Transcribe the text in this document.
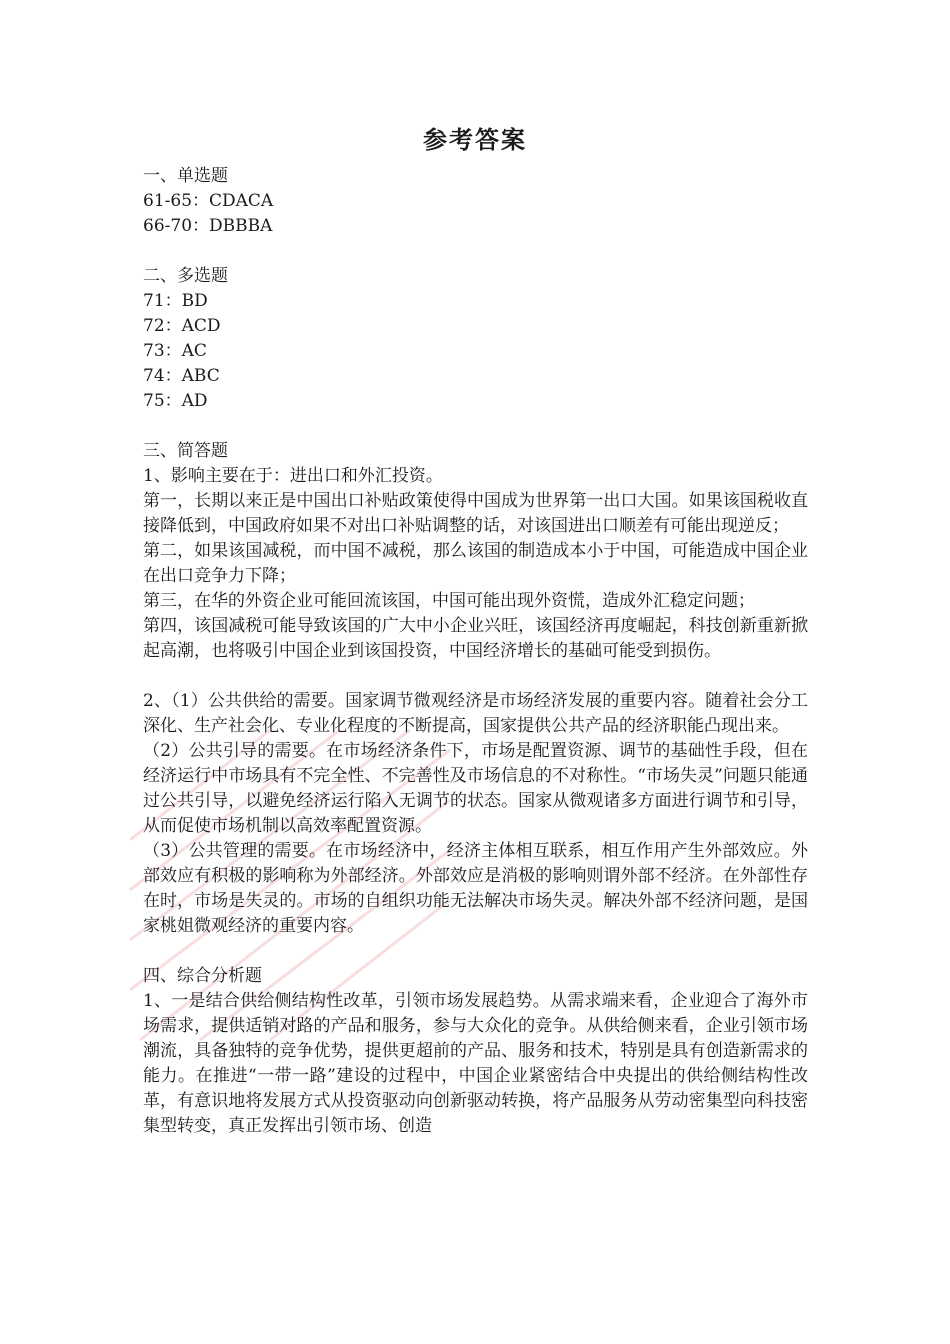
参考答案
一、单选题
61-65：CDACA
66-70：DBBBA
二、多选题
71：BD
72：ACD
73：AC
74：ABC
75：AD
三、简答题
1、影响主要在于：进出口和外汇投资。
第一，长期以来正是中国出口补贴政策使得中国成为世界第一出口大国。如果该国税收直接降低到，中国政府如果不对出口补贴调整的话，对该国进出口顺差有可能出现逆反；
第二，如果该国减税，而中国不减税，那么该国的制造成本小于中国，可能造成中国企业在出口竞争力下降；
第三，在华的外资企业可能回流该国，中国可能出现外资慌，造成外汇稳定问题；
第四，该国减税可能导致该国的广大中小企业兴旺，该国经济再度崛起，科技创新重新掀起高潮，也将吸引中国企业到该国投资，中国经济增长的基础可能受到损伤。
2、（1）公共供给的需要。国家调节微观经济是市场经济发展的重要内容。随着社会分工深化、生产社会化、专业化程度的不断提高，国家提供公共产品的经济职能凸现出来。
（2）公共引导的需要。在市场经济条件下，市场是配置资源、调节的基础性手段，但在经济运行中市场具有不完全性、不完善性及市场信息的不对称性。“市场失灵”问题只能通过公共引导，以避免经济运行陷入无调节的状态。国家从微观诸多方面进行调节和引导，从而促使市场机制以高效率配置资源。
（3）公共管理的需要。在市场经济中，经济主体相互联系，相互作用产生外部效应。外部效应有积极的影响称为外部经济。外部效应是消极的影响则谓外部不经济。在外部性存在时，市场是失灵的。市场的自组织功能无法解决市场失灵。解决外部不经济问题，是国家桃姐微观经济的重要内容。
四、综合分析题
1、一是结合供给侧结构性改革，引领市场发展趋势。从需求端来看，企业迎合了海外市场需求，提供适销对路的产品和服务，参与大众化的竞争。从供给侧来看，企业引领市场潮流，具备独特的竞争优势，提供更超前的产品、服务和技术，特别是具有创造新需求的能力。在推进“一带一路”建设的过程中，中国企业紧密结合中央提出的供给侧结构性改革，有意识地将发展方式从投资驱动向创新驱动转换，将产品服务从劳动密集型向科技密集型转变，真正发挥出引领市场、创造
